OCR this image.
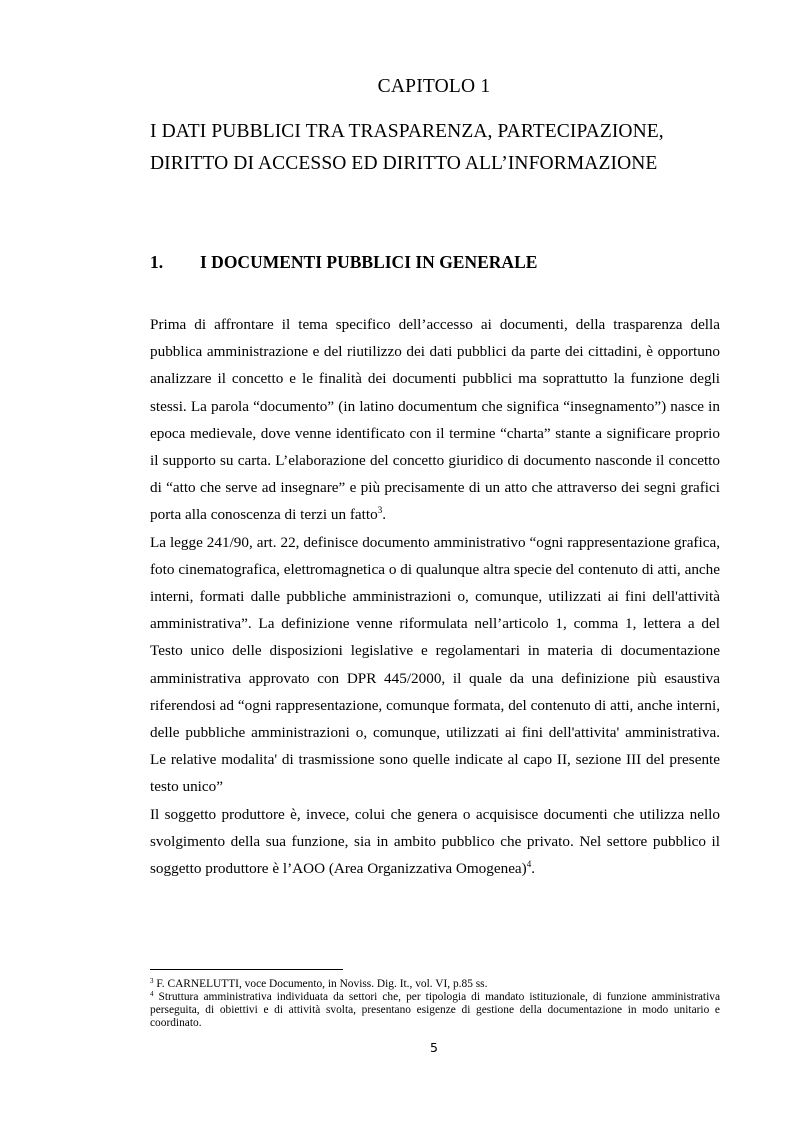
CAPITOLO 1
I DATI PUBBLICI TRA TRASPARENZA, PARTECIPAZIONE,
DIRITTO DI ACCESSO ED DIRITTO ALL’INFORMAZIONE
1. I DOCUMENTI PUBBLICI IN GENERALE

Prima di affrontare il tema specifico dell’accesso ai documenti, della trasparenza della pubblica amministrazione e del riutilizzo dei dati pubblici da parte dei cittadini, è opportuno analizzare il concetto e le finalità dei documenti pubblici ma soprattutto la funzione degli stessi. La parola “documento” (in latino documentum che significa “insegnamento”) nasce in epoca medievale, dove venne identificato con il termine “charta” stante a significare proprio il supporto su carta. L’elaborazione del concetto giuridico di documento nasconde il concetto di “atto che serve ad insegnare” e più precisamente di un atto che attraverso dei segni grafici porta alla conoscenza di terzi un fatto$^3$.

La legge 241/90, art. 22, definisce documento amministrativo “ogni rappresentazione grafica, foto cinematografica, elettromagnetica o di qualunque altra specie del contenuto di atti, anche interni, formati dalle pubbliche amministrazioni o, comunque, utilizzati ai fini dell'attività amministrativa”. La definizione venne riformulata nell’articolo 1, comma 1, lettera a del Testo unico delle disposizioni legislative e regolamentari in materia di documentazione amministrativa approvato con DPR 445/2000, il quale da una definizione più esaustiva riferendosi ad “ogni rappresentazione, comunque formata, del contenuto di atti, anche interni, delle pubbliche amministrazioni o, comunque, utilizzati ai fini dell'attivita' amministrativa. Le relative modalita' di trasmissione sono quelle indicate al capo II, sezione III del presente testo unico”

Il soggetto produttore è, invece, colui che genera o acquisisce documenti che utilizza nello svolgimento della sua funzione, sia in ambito pubblico che privato. Nel settore pubblico il soggetto produttore è l’AOO (Area Organizzativa Omogenea)$^4$.

$^3$ F. CARNELUTTI, voce Documento, in Noviss. Dig. It., vol. VI, p.85 ss.

$^4$ Struttura amministrativa individuata da settori che, per tipologia di mandato istituzionale, di funzione amministrativa perseguita, di obiettivi e di attività svolta, presentano esigenze di gestione della documentazione in modo unitario e coordinato.

5
